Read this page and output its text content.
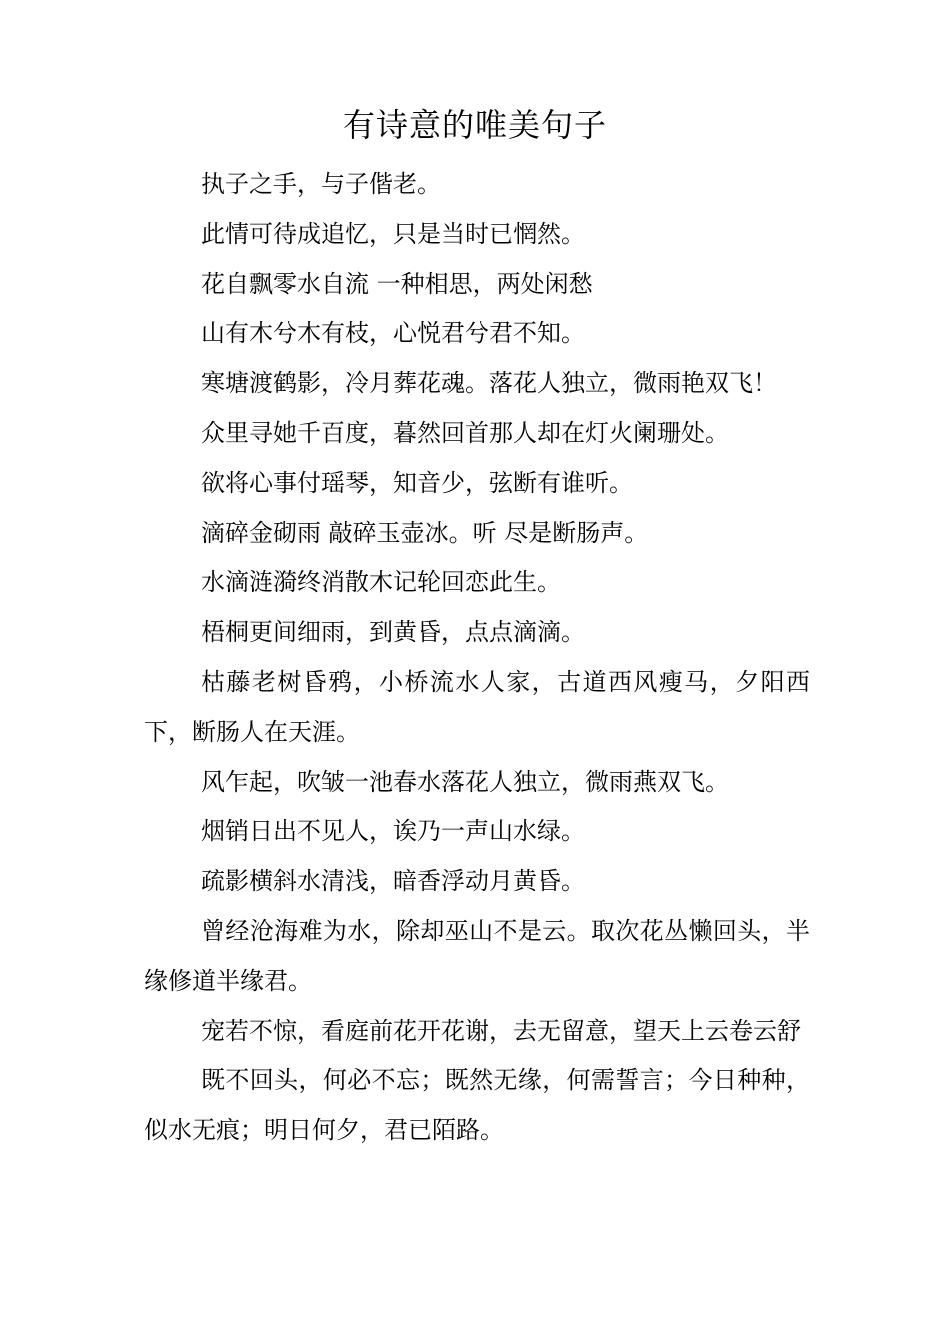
有诗意的唯美句子

执子之手，与子偕老。

此情可待成追忆，只是当时已惘然。

花自飘零水自流 一种相思，两处闲愁

山有木兮木有枝，心悦君兮君不知。

寒塘渡鹤影，冷月葬花魂。落花人独立，微雨艳双飞！

众里寻她千百度，暮然回首那人却在灯火阑珊处。

欲将心事付瑶琴，知音少，弦断有谁听。

滴碎金砌雨 敲碎玉壶冰。听 尽是断肠声。

水滴涟漪终消散木记轮回恋此生。

梧桐更间细雨，到黄昏，点点滴滴。

枯藤老树昏鸦，小桥流水人家，古道西风瘦马，夕阳西下，断肠人在天涯。

风乍起，吹皱一池春水落花人独立，微雨燕双飞。

烟销日出不见人，诶乃一声山水绿。

疏影横斜水清浅，暗香浮动月黄昏。

曾经沧海难为水，除却巫山不是云。取次花丛懒回头，半缘修道半缘君。

宠若不惊，看庭前花开花谢，去无留意，望天上云卷云舒

既不回头，何必不忘；既然无缘，何需誓言；今日种种，似水无痕；明日何夕，君已陌路。
